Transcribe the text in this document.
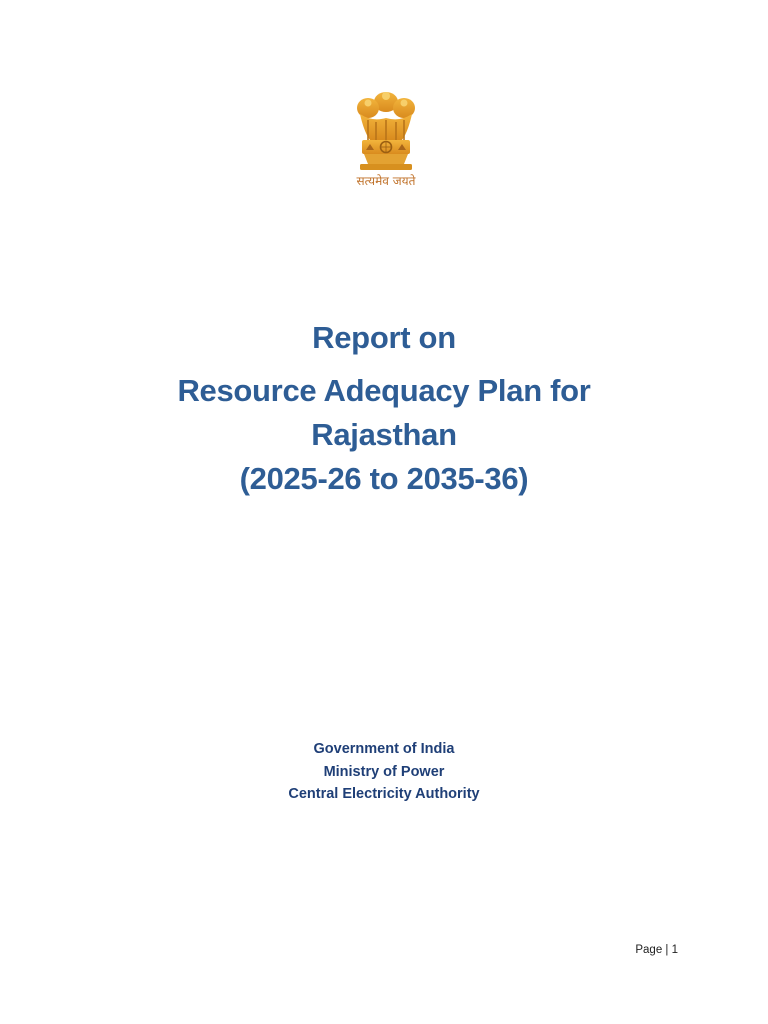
सत्यमेव जयते
Report on
Resource Adequacy Plan for
Rajasthan
(2025-26 to 2035-36)
Government of India
Ministry of Power
Central Electricity Authority
Page | 1
